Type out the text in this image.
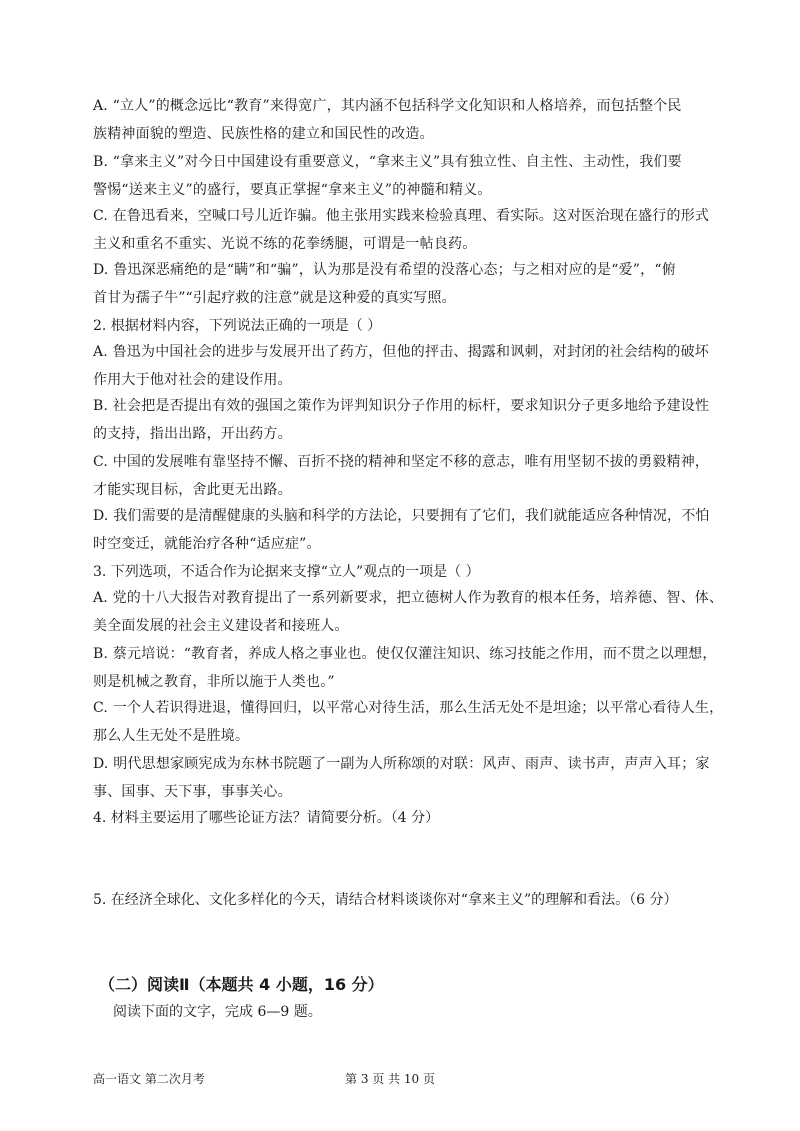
A. “立人”的概念远比“教育”来得宽广，其内涵不包括科学文化知识和人格培养，而包括整个民

族精神面貌的塑造、民族性格的建立和国民性的改造。

B. “拿来主义”对今日中国建设有重要意义，“拿来主义”具有独立性、自主性、主动性，我们要

警惕“送来主义”的盛行，要真正掌握“拿来主义”的神髓和精义。

C. 在鲁迅看来，空喊口号儿近诈骗。他主张用实践来检验真理、看实际。这对医治现在盛行的形式

主义和重名不重实、光说不练的花拳绣腿，可谓是一帖良药。

D. 鲁迅深恶痛绝的是“瞒”和“骗”，认为那是没有希望的没落心态；与之相对应的是“爱”，“俯

首甘为孺子牛”“引起疗救的注意”就是这种爱的真实写照。

2. 根据材料内容，下列说法正确的一项是（ ）

A. 鲁迅为中国社会的进步与发展开出了药方，但他的抨击、揭露和讽刺，对封闭的社会结构的破坏

作用大于他对社会的建设作用。

B. 社会把是否提出有效的强国之策作为评判知识分子作用的标杆，要求知识分子更多地给予建设性

的支持，指出出路，开出药方。

C. 中国的发展唯有靠坚持不懈、百折不挠的精神和坚定不移的意志，唯有用坚韧不拔的勇毅精神，

才能实现目标，舍此更无出路。

D. 我们需要的是清醒健康的头脑和科学的方法论，只要拥有了它们，我们就能适应各种情况，不怕

时空变迁，就能治疗各种“适应症”。

3. 下列选项，不适合作为论据来支撑“立人”观点的一项是（ ）

A. 党的十八大报告对教育提出了一系列新要求，把立德树人作为教育的根本任务，培养德、智、体、

美全面发展的社会主义建设者和接班人。

B. 蔡元培说：“教育者，养成人格之事业也。使仅仅灌注知识、练习技能之作用，而不贯之以理想，

则是机械之教育，非所以施于人类也。”

C. 一个人若识得进退，懂得回归，以平常心对待生活，那么生活无处不是坦途；以平常心看待人生，

那么人生无处不是胜境。

D. 明代思想家顾宪成为东林书院题了一副为人所称颂的对联：风声、雨声、读书声，声声入耳；家

事、国事、天下事，事事关心。

4. 材料主要运用了哪些论证方法？请简要分析。（4 分）

5. 在经济全球化、文化多样化的今天，请结合材料谈谈你对“拿来主义”的理解和看法。（6 分）

（二）阅读Ⅱ（本题共 4 小题，16 分）

阅读下面的文字，完成 6—9 题。

高一语文 第二次月考	第 3 页 共 10 页
